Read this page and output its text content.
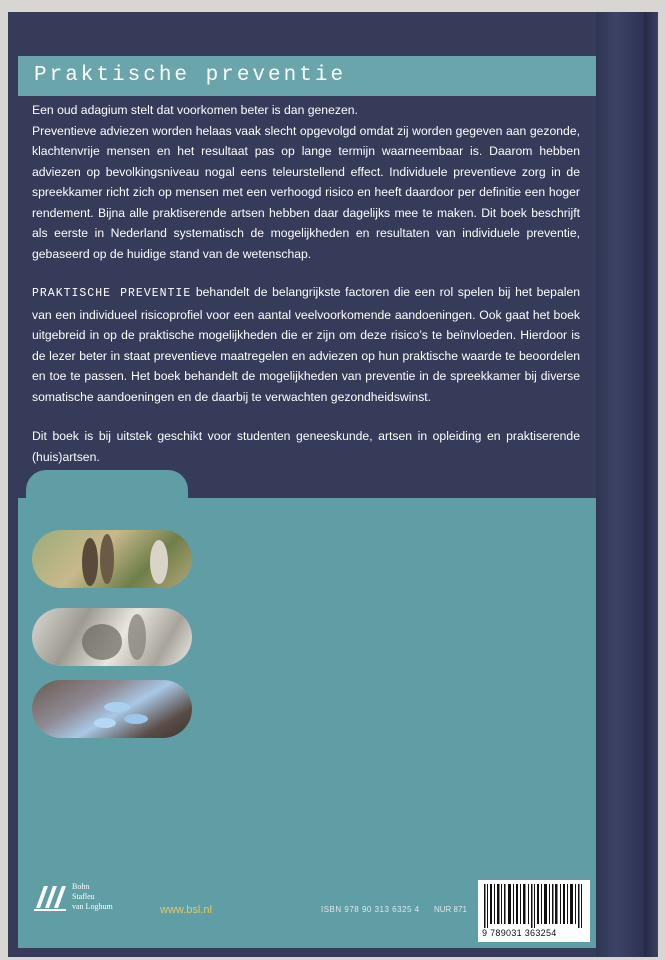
Praktische preventie

Een oud adagium stelt dat voorkomen beter is dan genezen.
Preventieve adviezen worden helaas vaak slecht opgevolgd omdat zij worden gegeven aan gezonde, klachtenvrije mensen en het resultaat pas op lange termijn waarneembaar is. Daarom hebben adviezen op bevolkingsniveau nogal eens teleurstellend effect. Individuele preventieve zorg in de spreekkamer richt zich op mensen met een verhoogd risico en heeft daardoor per definitie een hoger rendement. Bijna alle praktiserende artsen hebben daar dagelijks mee te maken. Dit boek beschrijft als eerste in Nederland systematisch de mogelijkheden en resultaten van individuele preventie, gebaseerd op de huidige stand van de wetenschap.

PRAKTISCHE PREVENTIE behandelt de belangrijkste factoren die een rol spelen bij het bepalen van een individueel risicoprofiel voor een aantal veelvoorkomende aandoeningen. Ook gaat het boek uitgebreid in op de praktische mogelijkheden die er zijn om deze risico’s te beïnvloeden. Hierdoor is de lezer beter in staat preventieve maatregelen en adviezen op hun praktische waarde te beoordelen en toe te passen. Het boek behandelt de mogelijkheden van preventie in de spreekkamer bij diverse somatische aandoeningen en de daarbij te verwachten gezondheidswinst.

Dit boek is bij uitstek geschikt voor studenten geneeskunde, artsen in opleiding en praktiserende (huis)artsen.

Bohn
Stafleu
van Loghum	www.bsl.nl	ISBN 978 90 313 6325 4 NUR 871
9 789031 363254
